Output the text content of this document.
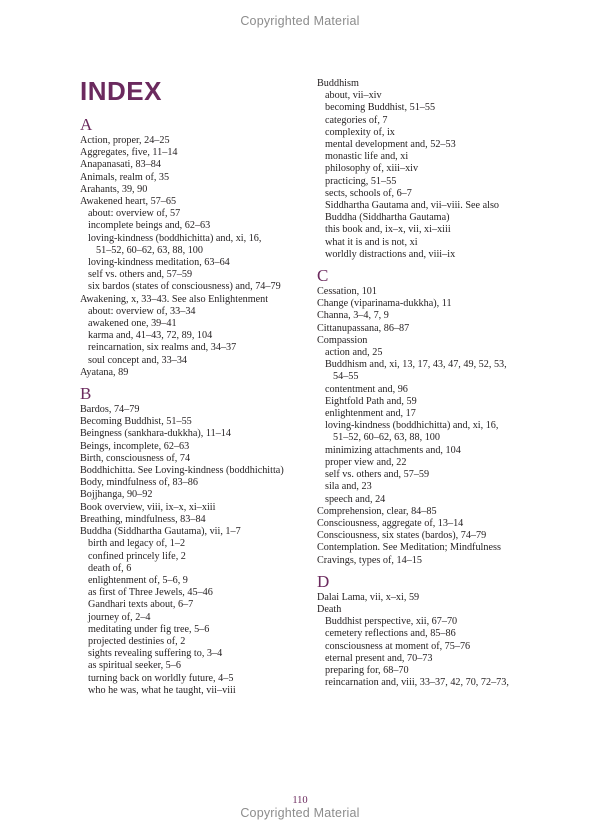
Copyrighted Material
INDEX
A
Action, proper, 24–25
Aggregates, five, 11–14
Anapanasati, 83–84
Animals, realm of, 35
Arahants, 39, 90
Awakened heart, 57–65
about: overview of, 57
incomplete beings and, 62–63
loving-kindness (boddhichitta) and, xi, 16,
51–52, 60–62, 63, 88, 100
loving-kindness meditation, 63–64
self vs. others and, 57–59
six bardos (states of consciousness) and, 74–79
Awakening, x, 33–43. See also Enlightenment
about: overview of, 33–34
awakened one, 39–41
karma and, 41–43, 72, 89, 104
reincarnation, six realms and, 34–37
soul concept and, 33–34
Ayatana, 89
B
Bardos, 74–79
Becoming Buddhist, 51–55
Beingness (sankhara-dukkha), 11–14
Beings, incomplete, 62–63
Birth, consciousness of, 74
Boddhichitta. See Loving-kindness (boddhichitta)
Body, mindfulness of, 83–86
Bojjhanga, 90–92
Book overview, viii, ix–x, xi–xiii
Breathing, mindfulness, 83–84
Buddha (Siddhartha Gautama), vii, 1–7
birth and legacy of, 1–2
confined princely life, 2
death of, 6
enlightenment of, 5–6, 9
as first of Three Jewels, 45–46
Gandhari texts about, 6–7
journey of, 2–4
meditating under fig tree, 5–6
projected destinies of, 2
sights revealing suffering to, 3–4
as spiritual seeker, 5–6
turning back on worldly future, 4–5
who he was, what he taught, vii–viii
Buddhism
about, vii–xiv
becoming Buddhist, 51–55
categories of, 7
complexity of, ix
mental development and, 52–53
monastic life and, xi
philosophy of, xiii–xiv
practicing, 51–55
sects, schools of, 6–7
Siddhartha Gautama and, vii–viii. See also
Buddha (Siddhartha Gautama)
this book and, ix–x, vii, xi–xiii
what it is and is not, xi
worldly distractions and, viii–ix
C
Cessation, 101
Change (viparinama-dukkha), 11
Channa, 3–4, 7, 9
Cittanupassana, 86–87
Compassion
action and, 25
Buddhism and, xi, 13, 17, 43, 47, 49, 52, 53,
54–55
contentment and, 96
Eightfold Path and, 59
enlightenment and, 17
loving-kindness (boddhichitta) and, xi, 16,
51–52, 60–62, 63, 88, 100
minimizing attachments and, 104
proper view and, 22
self vs. others and, 57–59
sila and, 23
speech and, 24
Comprehension, clear, 84–85
Consciousness, aggregate of, 13–14
Consciousness, six states (bardos), 74–79
Contemplation. See Meditation; Mindfulness
Cravings, types of, 14–15
D
Dalai Lama, vii, x–xi, 59
Death
Buddhist perspective, xii, 67–70
cemetery reflections and, 85–86
consciousness at moment of, 75–76
eternal present and, 70–73
preparing for, 68–70
reincarnation and, viii, 33–37, 42, 70, 72–73,
110
Copyrighted Material
